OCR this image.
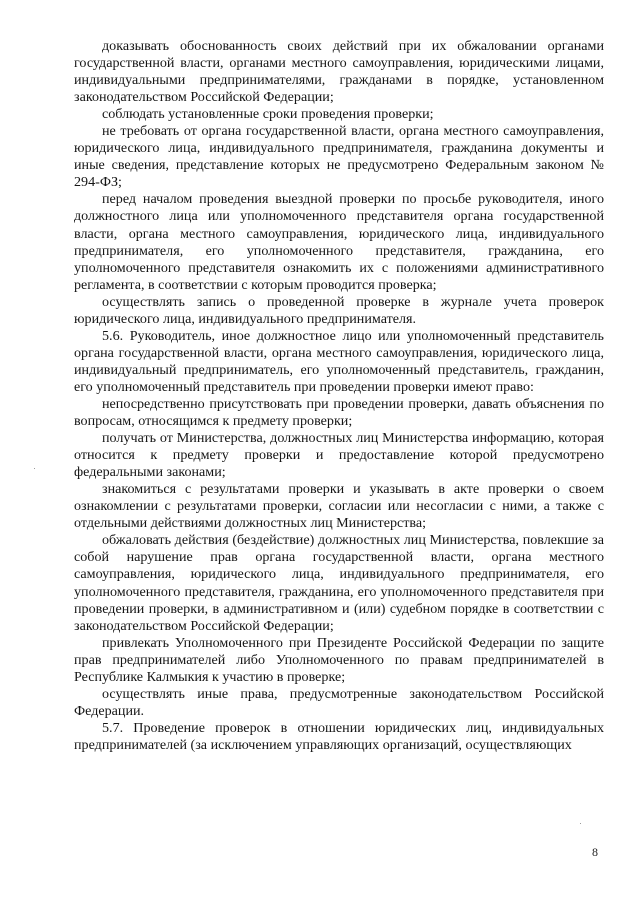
доказывать обоснованность своих действий при их обжаловании органами государственной власти, органами местного самоуправления, юридическими лицами, индивидуальными предпринимателями, гражданами в порядке, установленном законодательством Российской Федерации;

соблюдать установленные сроки проведения проверки;

не требовать от органа государственной власти, органа местного самоуправления, юридического лица, индивидуального предпринимателя, гражданина документы и иные сведения, представление которых не предусмотрено Федеральным законом № 294-ФЗ;

перед началом проведения выездной проверки по просьбе руководителя, иного должностного лица или уполномоченного представителя органа государственной власти, органа местного самоуправления, юридического лица, индивидуального предпринимателя, его уполномоченного представителя, гражданина, его уполномоченного представителя ознакомить их с положениями административного регламента, в соответствии с которым проводится проверка;

осуществлять запись о проведенной проверке в журнале учета проверок юридического лица, индивидуального предпринимателя.

5.6. Руководитель, иное должностное лицо или уполномоченный представитель органа государственной власти, органа местного самоуправления, юридического лица, индивидуальный предприниматель, его уполномоченный представитель, гражданин, его уполномоченный представитель при проведении проверки имеют право:

непосредственно присутствовать при проведении проверки, давать объяснения по вопросам, относящимся к предмету проверки;

получать от Министерства, должностных лиц Министерства информацию, которая относится к предмету проверки и предоставление которой предусмотрено федеральными законами;

знакомиться с результатами проверки и указывать в акте проверки о своем ознакомлении с результатами проверки, согласии или несогласии с ними, а также с отдельными действиями должностных лиц Министерства;

обжаловать действия (бездействие) должностных лиц Министерства, повлекшие за собой нарушение прав органа государственной власти, органа местного самоуправления, юридического лица, индивидуального предпринимателя, его уполномоченного представителя, гражданина, его уполномоченного представителя при проведении проверки, в административном и (или) судебном порядке в соответствии с законодательством Российской Федерации;

привлекать Уполномоченного при Президенте Российской Федерации по защите прав предпринимателей либо Уполномоченного по правам предпринимателей в Республике Калмыкия к участию в проверке;

осуществлять иные права, предусмотренные законодательством Российской Федерации.

5.7. Проведение проверок в отношении юридических лиц, индивидуальных предпринимателей (за исключением управляющих организаций, осуществляющих

8
